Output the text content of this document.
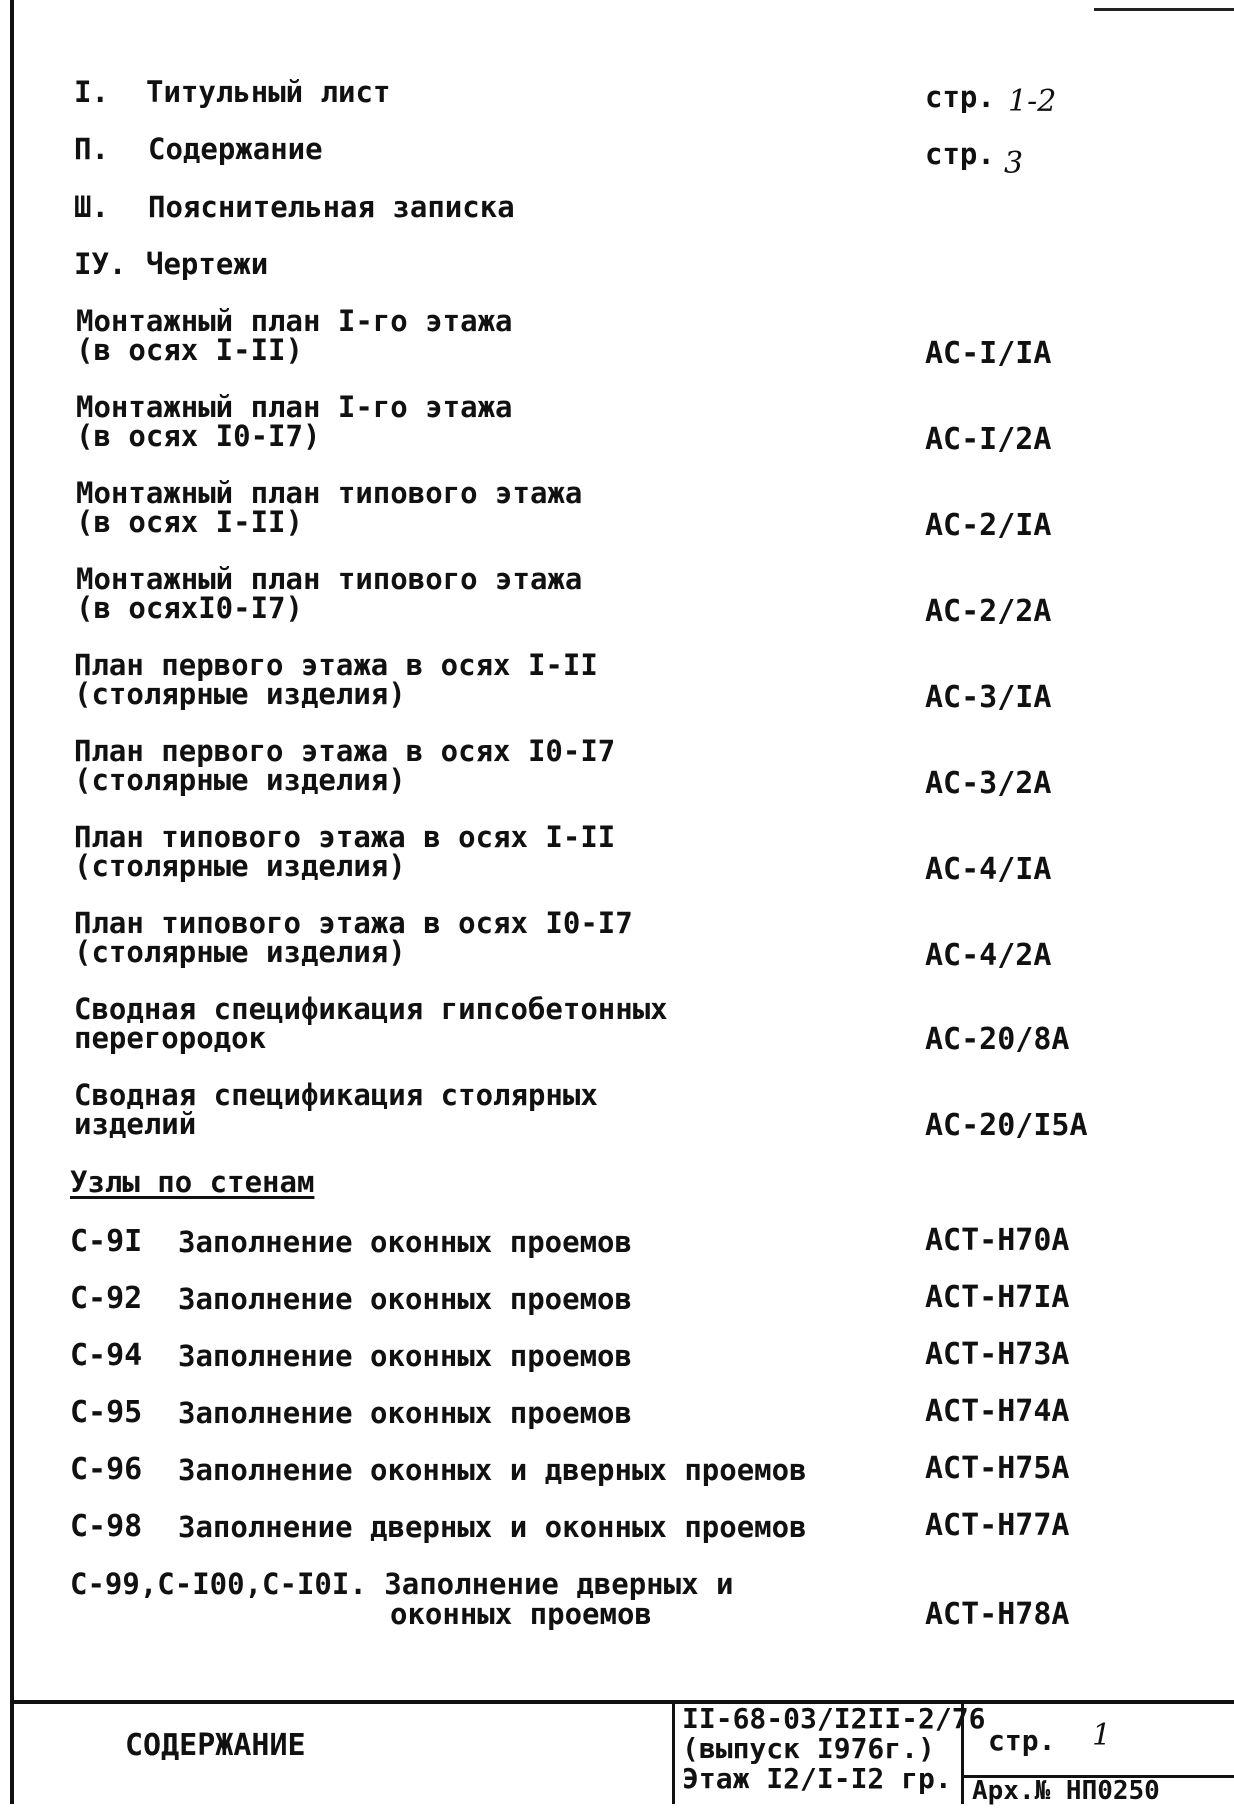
I. Титульный лист	стр. 1-2
П. Содержание	стр. 3
Ш. Пояснительная записка
IУ. Чертежи
Монтажный план I-го этажа
(в осях I-II)	АС-I/IА
Монтажный план I-го этажа
(в осях I0-I7)	АС-I/2А
Монтажный план типового этажа
(в осях I-II)	АС-2/IА
Монтажный план типового этажа
(в осяхI0-I7)	АС-2/2А
План первого этажа в осях I-II
(столярные изделия)	АС-3/IА
План первого этажа в осях I0-I7
(столярные изделия)	АС-3/2А
План типового этажа в осях I-II
(столярные изделия)	АС-4/IА
План типового этажа в осях I0-I7
(столярные изделия)	АС-4/2А
Сводная спецификация гипсобетонных
перегородок	АС-20/8А
Сводная спецификация столярных
изделий	АС-20/I5А
Узлы по стенам
С-9I Заполнение оконных проемов	АСТ-Н70А
С-92 Заполнение оконных проемов	АСТ-Н7IА
С-94 Заполнение оконных проемов	АСТ-Н73А
С-95 Заполнение оконных проемов	АСТ-Н74А
С-96 Заполнение оконных и дверных проемов	АСТ-Н75А
С-98 Заполнение дверных и оконных проемов	АСТ-Н77А
С-99,С-I00,С-I0I. Заполнение дверных и
оконных проемов	АСТ-Н78А
СОДЕРЖАНИЕ
II-68-03/I2II-2/76
(выпуск I976г.)
Этаж I2/I-I2 гр.
стр. 1
Арх.№ НП0250
